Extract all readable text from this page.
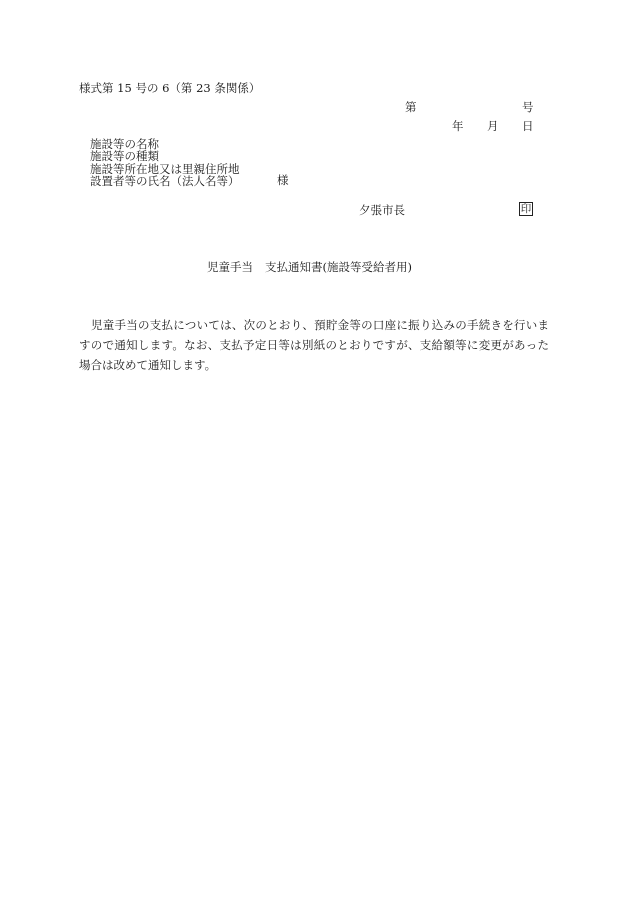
様式第 15 号の 6（第 23 条関係）
第	号
年 月 日
施設等の名称
施設等の種類
施設等所在地又は里親住所地
設置者等の氏名（法人名等）	様
夕張市長	印
児童手当 支払通知書(施設等受給者用)
児童手当の支払については、次のとおり、預貯金等の口座に振り込みの手続きを行いますので通知します。なお、支払予定日等は別紙のとおりですが、支給額等に変更があった場合は改めて通知します。
